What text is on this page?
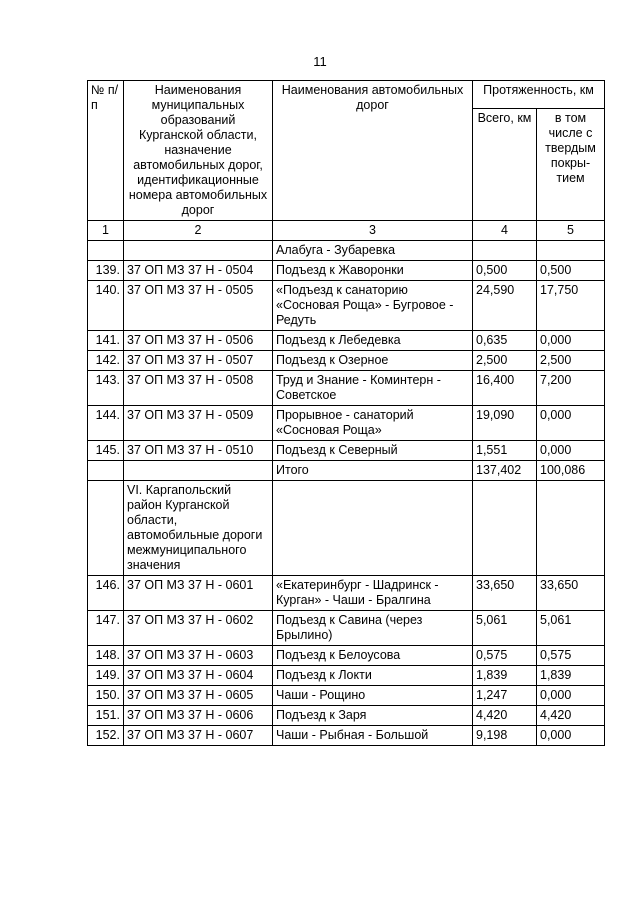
11
№ п/п	Наименования муниципальных образований Курганской области, назначение автомобильных дорог, идентификационные номера автомобильных дорог	Наименования автомобильных дорог	Протяженность, км	
			Всего, км	в том числе с твердым покры-тием
1	2	3	4	5
		Алабуга - Зубаревка		
139.	37 ОП МЗ 37 Н - 0504	Подъезд к Жаворонки	0,500	0,500
140.	37 ОП МЗ 37 Н - 0505	«Подъезд к санаторию «Сосновая Роща» - Бугровое - Редуть	24,590	17,750
141.	37 ОП МЗ 37 Н - 0506	Подъезд к Лебедевка	0,635	0,000
142.	37 ОП МЗ 37 Н - 0507	Подъезд к Озерное	2,500	2,500
143.	37 ОП МЗ 37 Н - 0508	Труд и Знание - Коминтерн - Советское	16,400	7,200
144.	37 ОП МЗ 37 Н - 0509	Прорывное - санаторий «Сосновая Роща»	19,090	0,000
145.	37 ОП МЗ 37 Н - 0510	Подъезд к Северный	1,551	0,000
		Итого	137,402	100,086
	VI. Каргапольский район Курганской области, автомобильные дороги межмуниципального значения			
146.	37 ОП МЗ 37 Н - 0601	«Екатеринбург - Шадринск - Курган» - Чаши - Бралгина	33,650	33,650
147.	37 ОП МЗ 37 Н - 0602	Подъезд к Савина (через Брылино)	5,061	5,061
148.	37 ОП МЗ 37 Н - 0603	Подъезд к Белоусова	0,575	0,575
149.	37 ОП МЗ 37 Н - 0604	Подъезд к Локти	1,839	1,839
150.	37 ОП МЗ 37 Н - 0605	Чаши - Рощино	1,247	0,000
151.	37 ОП МЗ 37 Н - 0606	Подъезд к Заря	4,420	4,420
152.	37 ОП МЗ 37 Н - 0607	Чаши - Рыбная - Большой	9,198	0,000
